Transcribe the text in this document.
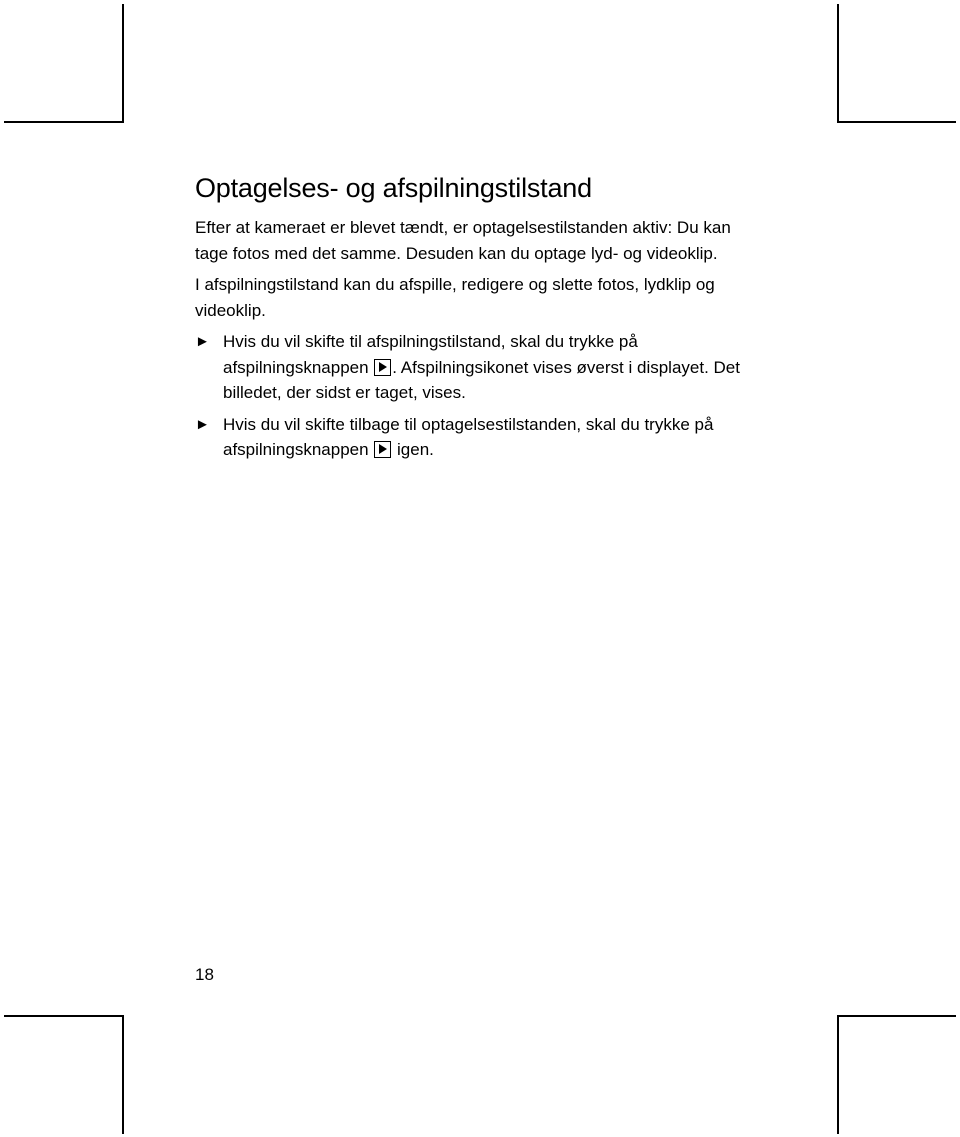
Optagelses- og afspilningstilstand

Efter at kameraet er blevet tændt, er optagelsestilstanden aktiv: Du kan tage fotos med det samme. Desuden kan du optage lyd- og videoklip.

I afspilningstilstand kan du afspille, redigere og slette fotos, lydklip og videoklip.

► Hvis du vil skifte til afspilningstilstand, skal du trykke på afspilningsknappen . Afspilningsikonet vises øverst i displayet. Det billedet, der sidst er taget, vises.
► Hvis du vil skifte tilbage til optagelsestilstanden, skal du trykke på afspilningsknappen  igen.
18
